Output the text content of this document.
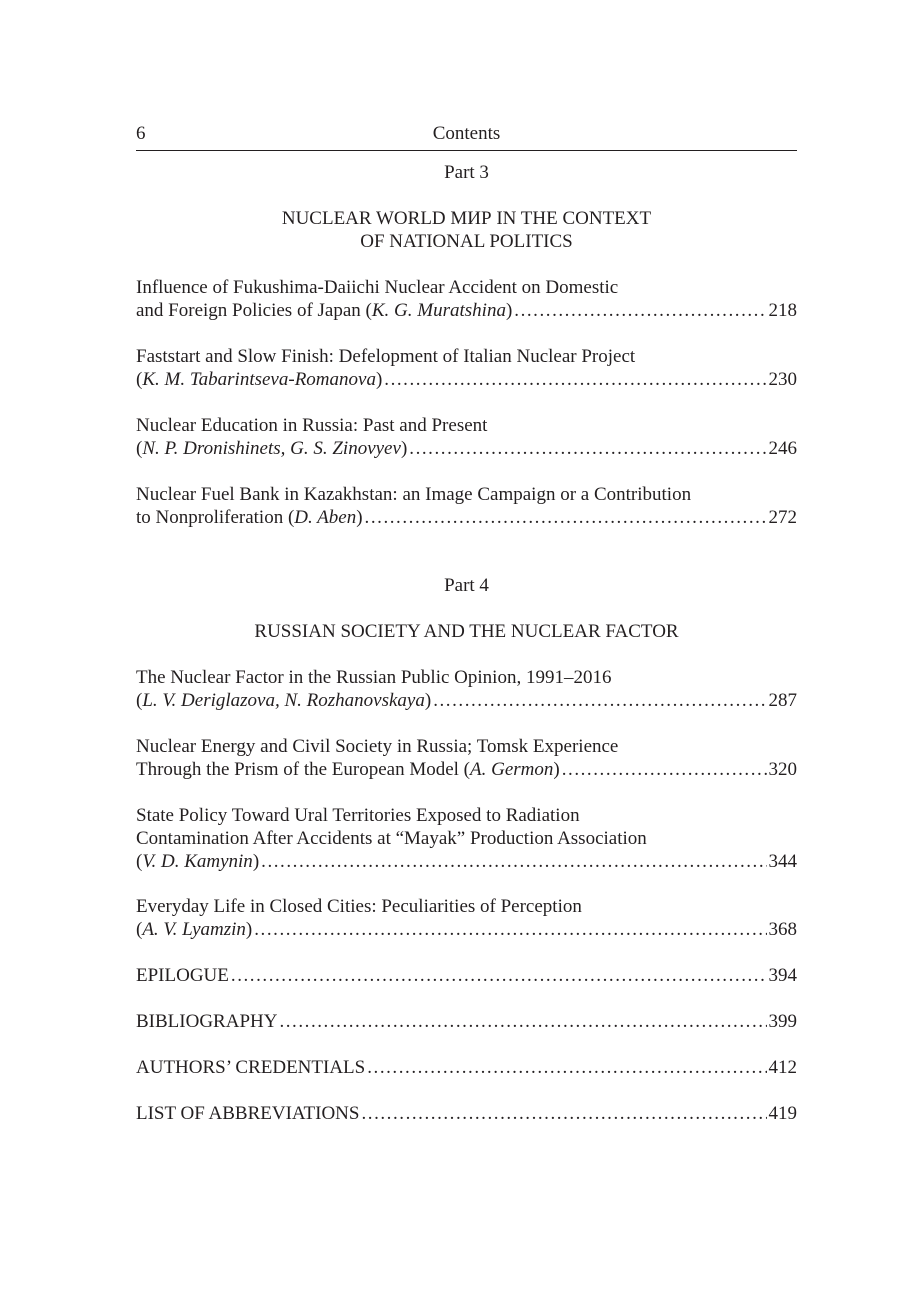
6	Contents
Part 3
NUCLEAR WORLD МИР IN THE CONTEXT
OF NATIONAL POLITICS
Influence of Fukushima-Daiichi Nuclear Accident on Domestic
and Foreign Policies of Japan (K. G. Muratshina) . . .	218
Faststart and Slow Finish: Defelopment of Italian Nuclear Project
(K. M. Tabarintseva-Romanova) . . .	230
Nuclear Education in Russia: Past and Present
(N. P. Dronishinets, G. S. Zinovyev) . . .	246
Nuclear Fuel Bank in Kazakhstan: an Image Campaign or a Contribution
to Nonproliferation (D. Aben) . . .	272
Part 4
RUSSIAN SOCIETY AND THE NUCLEAR FACTOR
The Nuclear Factor in the Russian Public Opinion, 1991–2016
(L. V. Deriglazova, N. Rozhanovskaya) . . .	287
Nuclear Energy and Civil Society in Russia; Tomsk Experience
Through the Prism of the European Model (A. Germon) . . .	320
State Policy Toward Ural Territories Exposed to Radiation
Contamination After Accidents at “Mayak” Production Association
(V. D. Kamynin) . . .	344
Everyday Life in Closed Cities: Peculiarities of Perception
(A. V. Lyamzin) . . .	368
EPILOGUE . . .	394
BIBLIOGRAPHY . . .	399
AUTHORS’ CREDENTIALS . . .	412
LIST OF ABBREVIATIONS . . .	419
